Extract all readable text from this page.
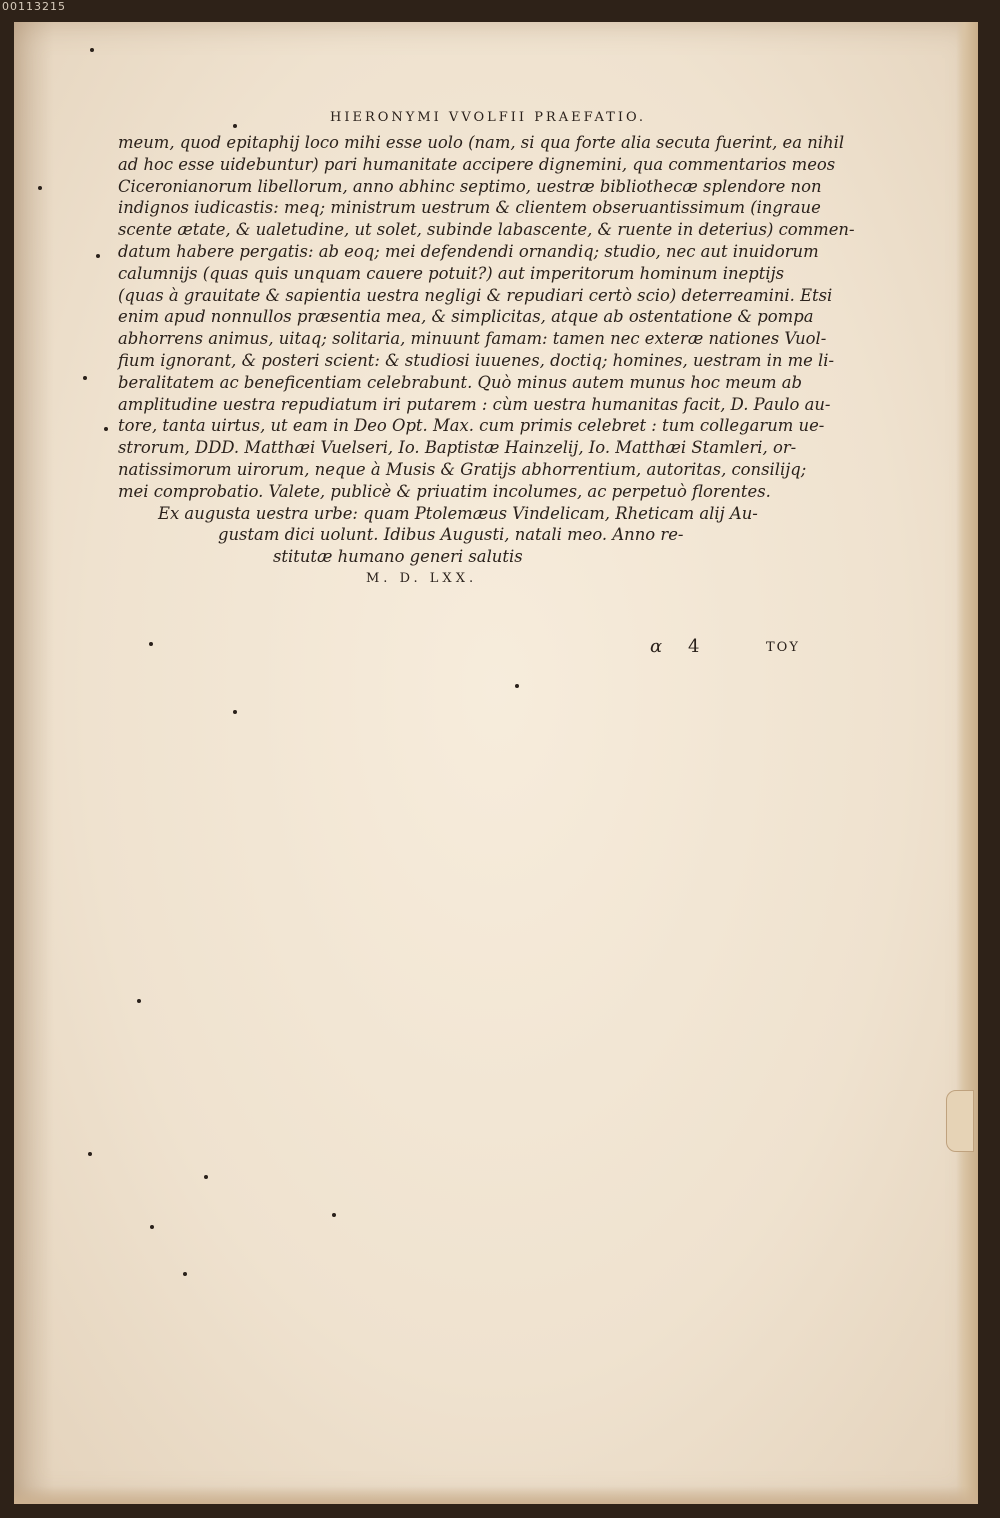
00113215
HIERONYMI VVOLFII PRAEFATIO.
meum, quod epitaphij loco mihi esse uolo (nam, si qua forte alia secuta fuerint, ea nihil
ad hoc esse uidebuntur) pari humanitate accipere dignemini, qua commentarios meos
Ciceronianorum libellorum, anno abhinc septimo, uestræ bibliothecæ splendore non
indignos iudicastis: meq; ministrum uestrum & clientem obseruantissimum (ingraue
scente ætate, & ualetudine, ut solet, subinde labascente, & ruente in deterius) commen-
datum habere pergatis: ab eoq; mei defendendi ornandiq; studio, nec aut inuidorum
calumnijs (quas quis unquam cauere potuit?) aut imperitorum hominum ineptijs
(quas à grauitate & sapientia uestra negligi & repudiari certò scio) deterreamini. Etsi
enim apud nonnullos præsentia mea, & simplicitas, atque ab ostentatione & pompa
abhorrens animus, uitaq; solitaria, minuunt famam: tamen nec exteræ nationes Vuol-
fium ignorant, & posteri scient: & studiosi iuuenes, doctiq; homines, uestram in me li-
beralitatem ac beneficentiam celebrabunt. Quò minus autem munus hoc meum ab
amplitudine uestra repudiatum iri putarem : cùm uestra humanitas facit, D. Paulo au-
tore, tanta uirtus, ut eam in Deo Opt. Max. cum primis celebret : tum collegarum ue-
strorum, DDD. Matthæi Vuelseri, Io. Baptistæ Hainzelij, Io. Matthæi Stamleri, or-
natissimorum uirorum, neque à Musis & Gratijs abhorrentium, autoritas, consilijq;
mei comprobatio. Valete, publicè & priuatim incolumes, ac perpetuò florentes.
Ex augusta uestra urbe: quam Ptolemæus Vindelicam, Rheticam alij Au-
gustam dici uolunt. Idibus Augusti, natali meo. Anno re-
stitutæ humano generi salutis
M. D. LXX.
α 4	TOY
